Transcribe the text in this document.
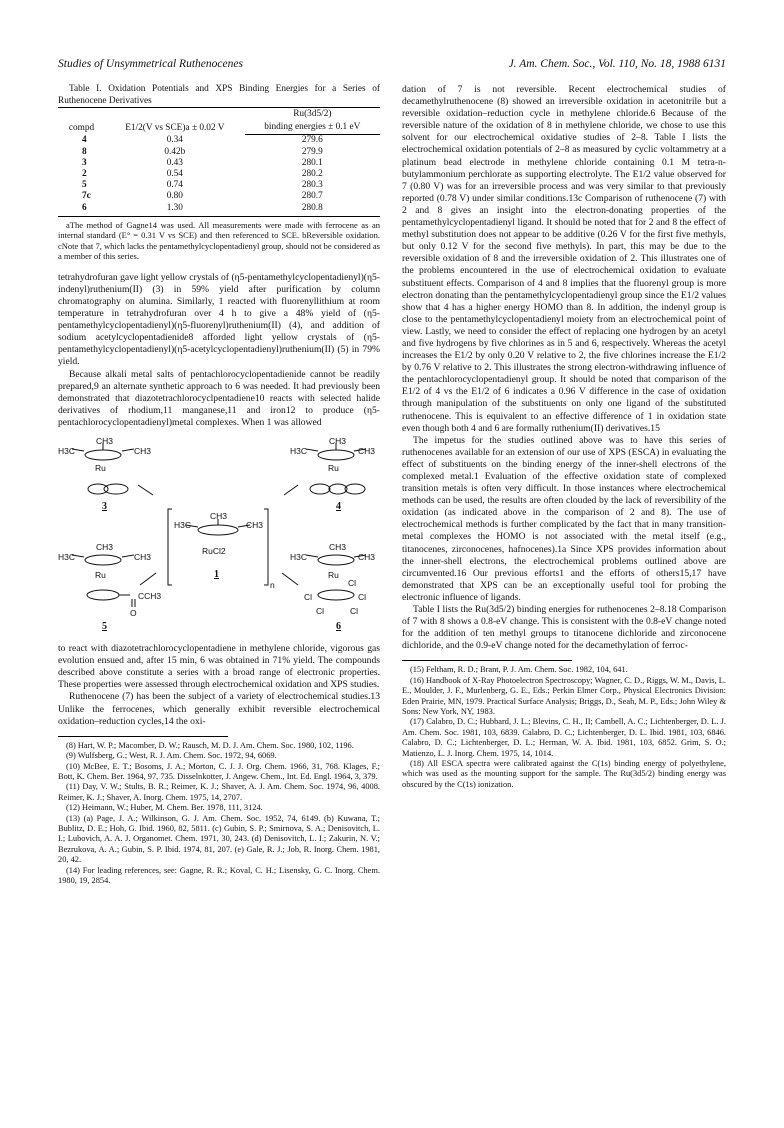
Studies of Unsymmetrical Ruthenocenes	J. Am. Chem. Soc., Vol. 110, No. 18, 1988 6131

Table I. Oxidation Potentials and XPS Binding Energies for a Series of Ruthenocene Derivatives

compd	E1/2(V vs SCE)a ± 0.02 V	Ru(3d5/2)
		binding energies ± 0.1 eV
4	0.34	279.6
8	0.42b	279.9
3	0.43	280.1
2	0.54	280.2
5	0.74	280.3
7c	0.80	280.7
6	1.30	280.8

aThe method of Gagne14 was used. All measurements were made with ferrocene as an internal standard (E° = 0.31 V vs SCE) and then referenced to SCE. bReversible oxidation. cNote that 7, which lacks the pentamethylcyclopentadienyl group, should not be considered as a member of this series.

tetrahydrofuran gave light yellow crystals of (η5-pentamethylcyclopentadienyl)(η5-indenyl)ruthenium(II) (3) in 59% yield after purification by column chromatography on alumina. Similarly, 1 reacted with fluorenyllithium at room temperature in tetrahydrofuran over 4 h to give a 48% yield of (η5-pentamethylcyclopentadienyl)(η5-fluorenyl)ruthenium(II) (4), and addition of sodium acetylcyclopentadienide8 afforded light yellow crystals of (η5-pentamethylcyclopentadienyl)(η5-acetylcyclopentadienyl)ruthenium(II) (5) in 79% yield.

Because alkali metal salts of pentachlorocyclopentadienide cannot be readily prepared,9 an alternate synthetic approach to 6 was needed. It had previously been demonstrated that diazotetrachlorocyclpentadiene10 reacts with selected halide derivatives of rhodium,11 manganese,11 and iron12 to produce (η5-pentachlorocyclopentadienyl)metal complexes. When 1 was allowed

CH3
H3C	CH3
Ru
3
CH3
H3C	CH3
Ru
4
CH3
H3C	CH3
RuCl2
n
1
CH3
H3C	CH3
Ru
CCH3
O
5
CH3
H3C	CH3
Ru
Cl	Cl
Cl
Cl	Cl
6

to react with diazotetrachlorocyclopentadiene in methylene chloride, vigorous gas evolution ensued and, after 15 min, 6 was obtained in 71% yield. The compounds described above constitute a series with a broad range of electronic properties. These properties were assessed through electrochemical oxidation and XPS studies.

Ruthenocene (7) has been the subject of a variety of electrochemical studies.13 Unlike the ferrocenes, which generally exhibit reversible electrochemical oxidation–reduction cycles,14 the oxi-

(8) Hart, W. P.; Macomber, D. W.; Rausch, M. D. J. Am. Chem. Soc. 1980, 102, 1196.

(9) Wulfsberg, G.; West, R. J. Am. Chem. Soc. 1972, 94, 6069.

(10) McBee, E. T.; Bosoms, J. A.; Morton, C. J. J. Org. Chem. 1966, 31, 768. Klages, F.; Bott, K. Chem. Ber. 1964, 97, 735. Disselnkotter, J. Angew. Chem., Int. Ed. Engl. 1964, 3, 379.

(11) Day, V. W.; Stults, B. R.; Reimer, K. J.; Shaver, A. J. Am. Chem. Soc. 1974, 96, 4008. Reimer, K. J.; Shaver, A. Inorg. Chem. 1975, 14, 2707.

(12) Heimann, W.; Huber, M. Chem. Ber. 1978, 111, 3124.

(13) (a) Page, J. A.; Wilkinson, G. J. Am. Chem. Soc. 1952, 74, 6149. (b) Kuwana, T.; Bublitz, D. E.; Hoh, G. Ibid. 1960, 82, 5811. (c) Gubin, S. P.; Smirnova, S. A.; Denisovitch, L. I.; Lubovich, A. A. J. Organomet. Chem. 1971, 30, 243. (d) Denisovitch, L. I.; Zakurin, N. V.; Bezrukova, A. A.; Gubin, S. P. Ibid. 1974, 81, 207. (e) Gale, R. J.; Job, R. Inorg. Chem. 1981, 20, 42.

(14) For leading references, see: Gagne, R. R.; Koval, C. H.; Lisensky, G. C. Inorg. Chem. 1980, 19, 2854.

dation of 7 is not reversible. Recent electrochemical studies of decamethylruthenocene (8) showed an irreversible oxidation in acetonitrile but a reversible oxidation–reduction cycle in methylene chloride.6 Because of the reversible nature of the oxidation of 8 in methylene chloride, we chose to use this solvent for our electrochemical oxidative studies of 2–8. Table I lists the electrochemical oxidation potentials of 2–8 as measured by cyclic voltammetry at a platinum bead electrode in methylene chloride containing 0.1 M tetra-n-butylammonium perchlorate as supporting electrolyte. The E1/2 value observed for 7 (0.80 V) was for an irreversible process and was very similar to that previously reported (0.78 V) under similar conditions.13c Comparison of ruthenocene (7) with 2 and 8 gives an insight into the electron-donating properties of the pentamethylcyclopentadienyl ligand. It should be noted that for 2 and 8 the effect of methyl substitution does not appear to be additive (0.26 V for the first five methyls, but only 0.12 V for the second five methyls). In part, this may be due to the reversible oxidation of 8 and the irreversible oxidation of 2. This illustrates one of the problems encountered in the use of electrochemical oxidation to evaluate substituent effects. Comparison of 4 and 8 implies that the fluorenyl group is more electron donating than the pentamethylcyclopentadienyl group since the E1/2 values show that 4 has a higher energy HOMO than 8. In addition, the indenyl group is close to the pentamethylcyclopentadienyl moiety from an electrochemical point of view. Lastly, we need to consider the effect of replacing one hydrogen by an acetyl and five hydrogens by five chlorines as in 5 and 6, respectively. Whereas the acetyl increases the E1/2 by only 0.20 V relative to 2, the five chlorines increase the E1/2 by 0.76 V relative to 2. This illustrates the strong electron-withdrawing influence of the pentachlorocyclopentadienyl group. It should be noted that comparison of the E1/2 of 4 vs the E1/2 of 6 indicates a 0.96 V difference in the case of oxidation through manipulation of the substituents on only one ligand of the substituted ruthenocene. This is equivalent to an effective difference of 1 in oxidation state even though both 4 and 6 are formally ruthenium(II) derivatives.15

The impetus for the studies outlined above was to have this series of ruthenocenes available for an extension of our use of XPS (ESCA) in evaluating the effect of substituents on the binding energy of the inner-shell electrons of the complexed metal.1 Evaluation of the effective oxidation state of complexed transition metals is often very difficult. In those instances where electrochemical methods can be used, the results are often clouded by the lack of reversibility of the oxidation (as indicated above in the comparison of 2 and 8). The use of electrochemical methods is further complicated by the fact that in many transition-metal complexes the HOMO is not associated with the metal itself (e.g., titanocenes, zirconocenes, hafnocenes).1a Since XPS provides information about the inner-shell electrons, the electrochemical problems outlined above are circumvented.16 Our previous efforts1 and the efforts of others15,17 have demonstrated that XPS can be an exceptionally useful tool for probing the electronic influence of ligands.

Table I lists the Ru(3d5/2) binding energies for ruthenocenes 2–8.18 Comparison of 7 with 8 shows a 0.8-eV change. This is consistent with the 0.8-eV change noted for the addition of ten methyl groups to titanocene dichloride and zirconocene dichloride, and the 0.9-eV change noted for the decamethylation of ferroc-

(15) Feltham, R. D.; Brant, P. J. Am. Chem. Soc. 1982, 104, 641.

(16) Handbook of X-Ray Photoelectron Spectroscopy; Wagner, C. D., Riggs, W. M., Davis, L. E., Moulder, J. F., Murlenberg, G. E., Eds.; Perkin Elmer Corp., Physical Electronics Division: Eden Prairie, MN, 1979. Practical Surface Analysis; Briggs, D., Seah, M. P., Eds.; John Wiley & Sons: New York, NY, 1983.

(17) Calabro, D. C.; Hubbard, J. L.; Blevins, C. H., II; Cambell, A. C.; Lichtenberger, D. L. J. Am. Chem. Soc. 1981, 103, 6839. Calabro, D. C.; Lichtenberger, D. L. Ibid. 1981, 103, 6846. Calabro, D. C.; Lichtenberger, D. L.; Herman, W. A. Ibid. 1981, 103, 6852. Grim, S. O.; Matienzo, L. J. Inorg. Chem. 1975, 14, 1014.

(18) All ESCA spectra were calibrated against the C(1s) binding energy of polyethylene, which was used as the mounting support for the sample. The Ru(3d5/2) binding energy was obscured by the C(1s) ionization.
